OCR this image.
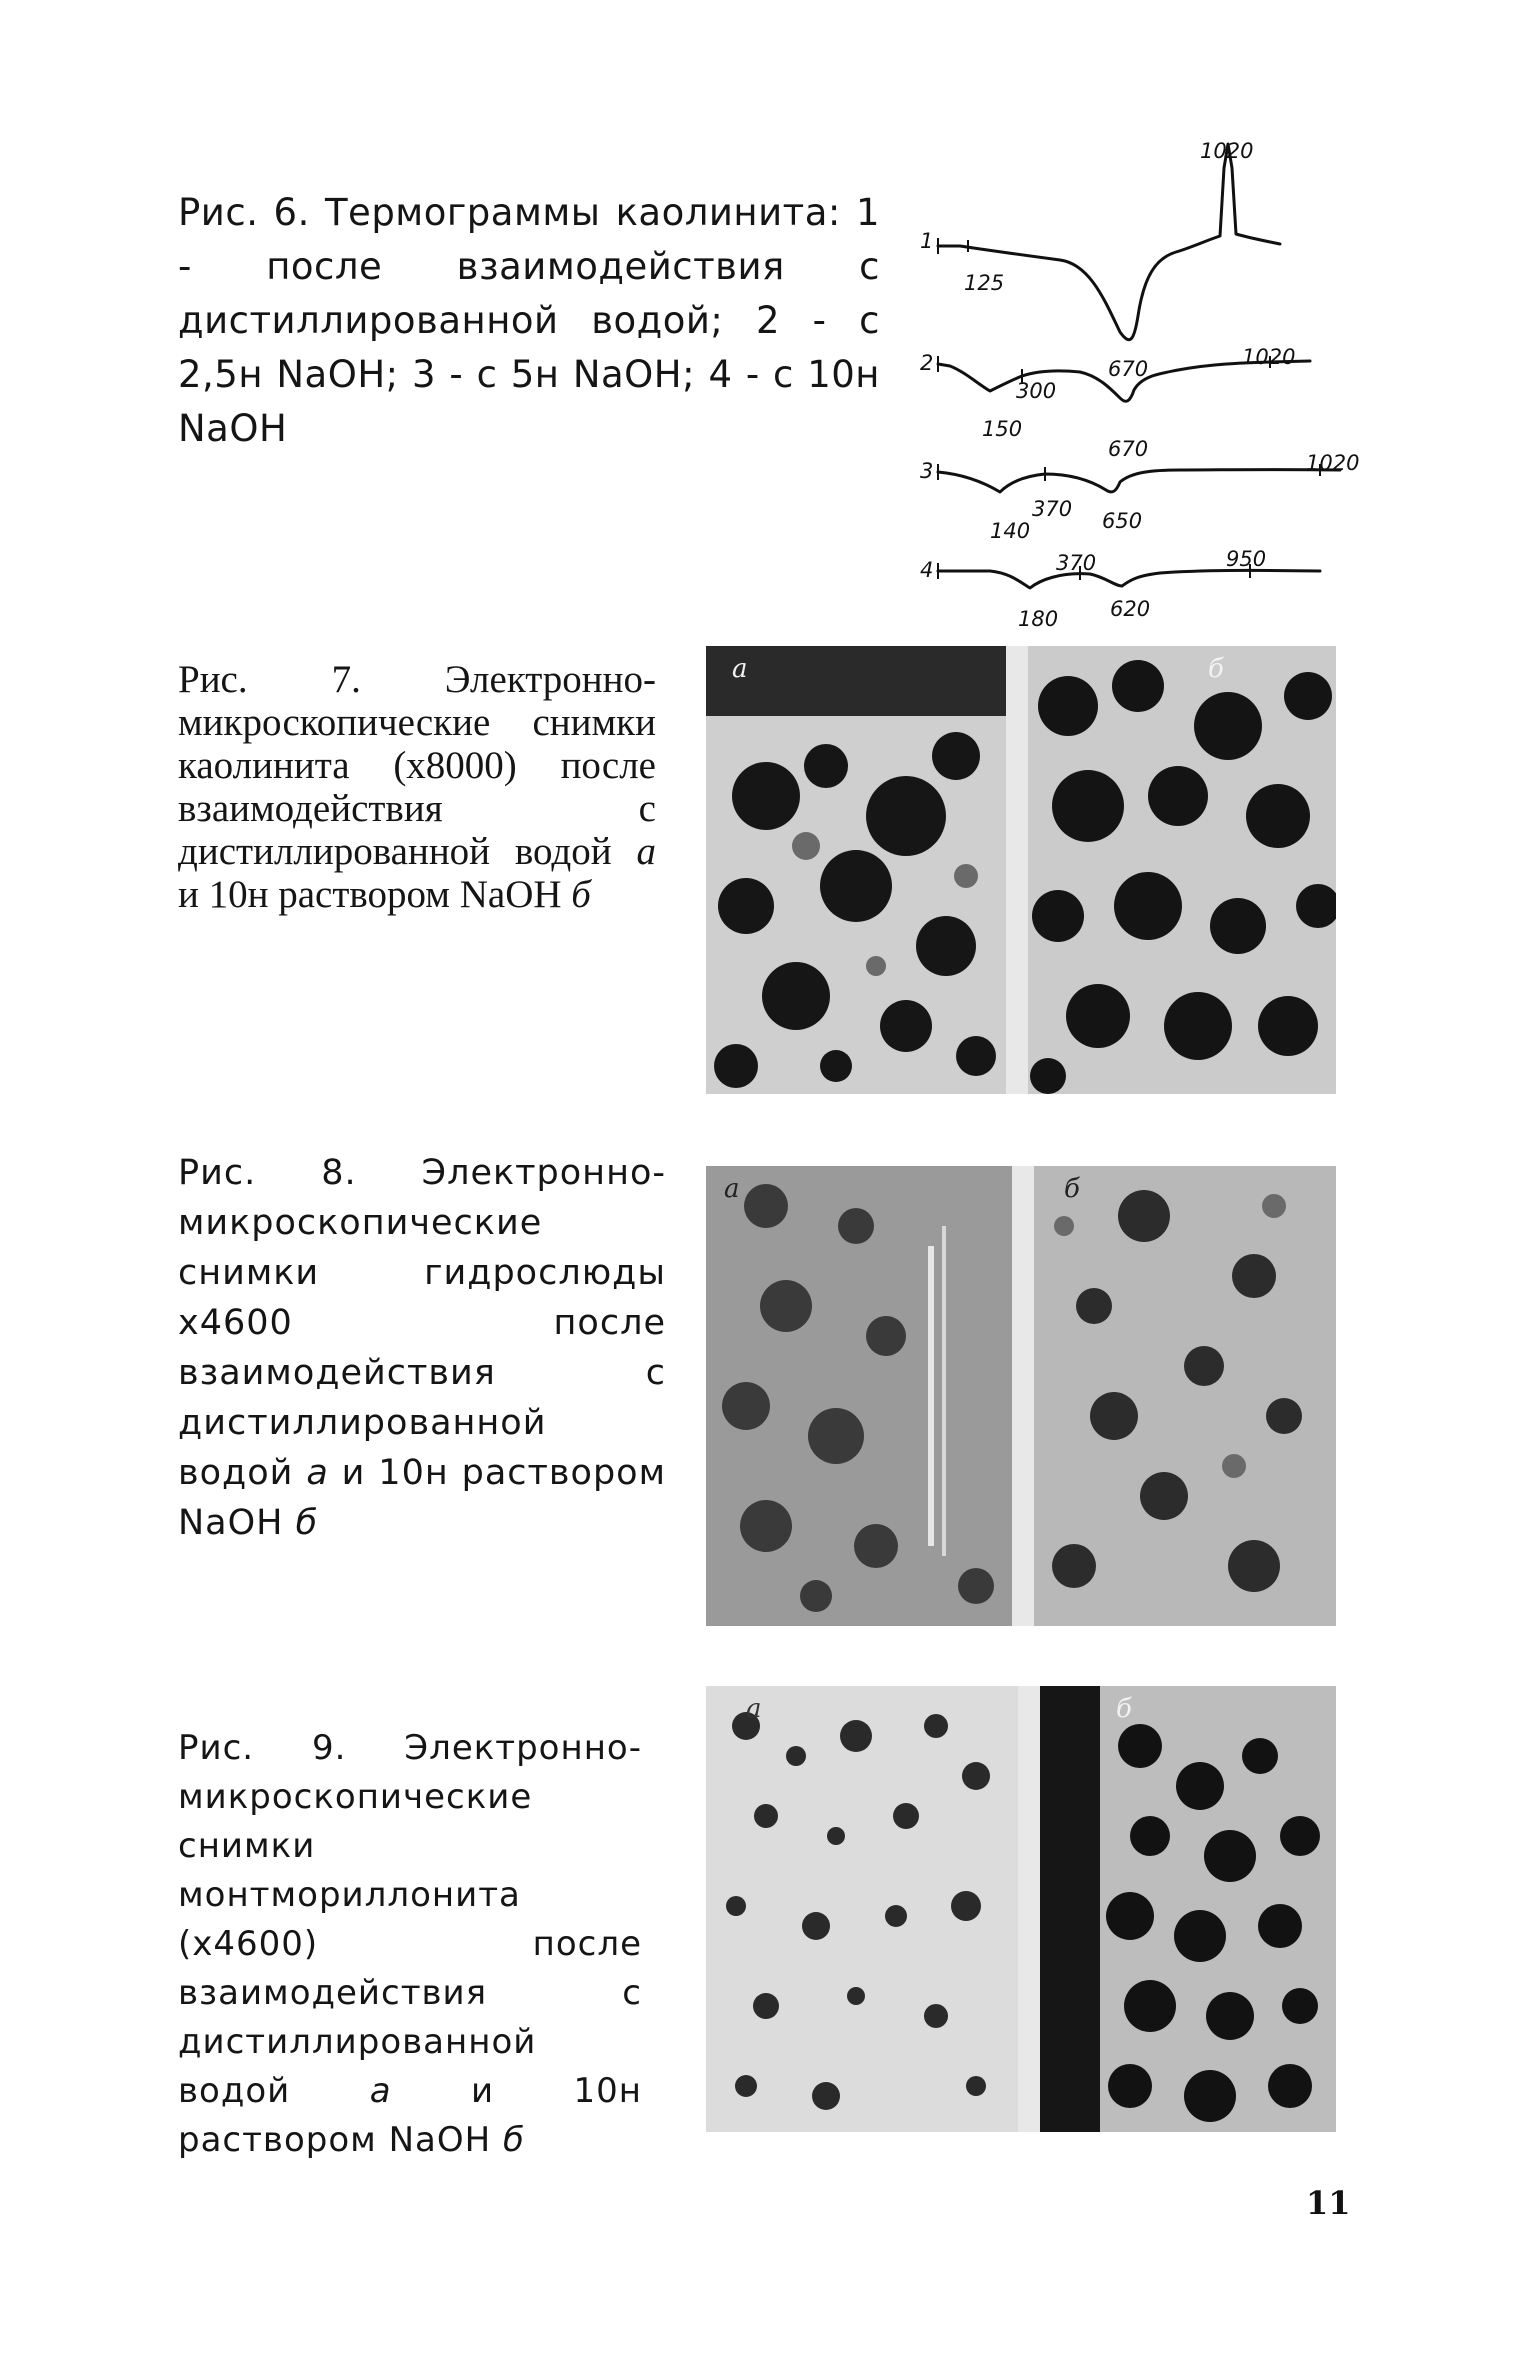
Рис. 6. Термограммы каолинита: 1 - после взаимодействия с дистиллированной водой; 2 - с 2,5н NaOH; 3 - с 5н NaOH; 4 - с 10н NaOH

1
125
670
1020
2
150
300
670
1020
3
140
370 650
1020
4
180
370
620
950

Рис. 7. Электронно-микроскопические снимки каолинита (х8000) после взаимодействия с дистиллированной водой а и 10н раствором NaOH б

а	б

Рис. 8. Электронно-микроскопические снимки гидрослюды х4600 после взаимодействия с дистиллированной водой а и 10н раствором NaOH б

а	б

Рис. 9. Электронно-микроскопические снимки монтмориллонита (х4600) после взаимодействия с дистиллированной водой а и 10н раствором NaOH б

а	б
11
